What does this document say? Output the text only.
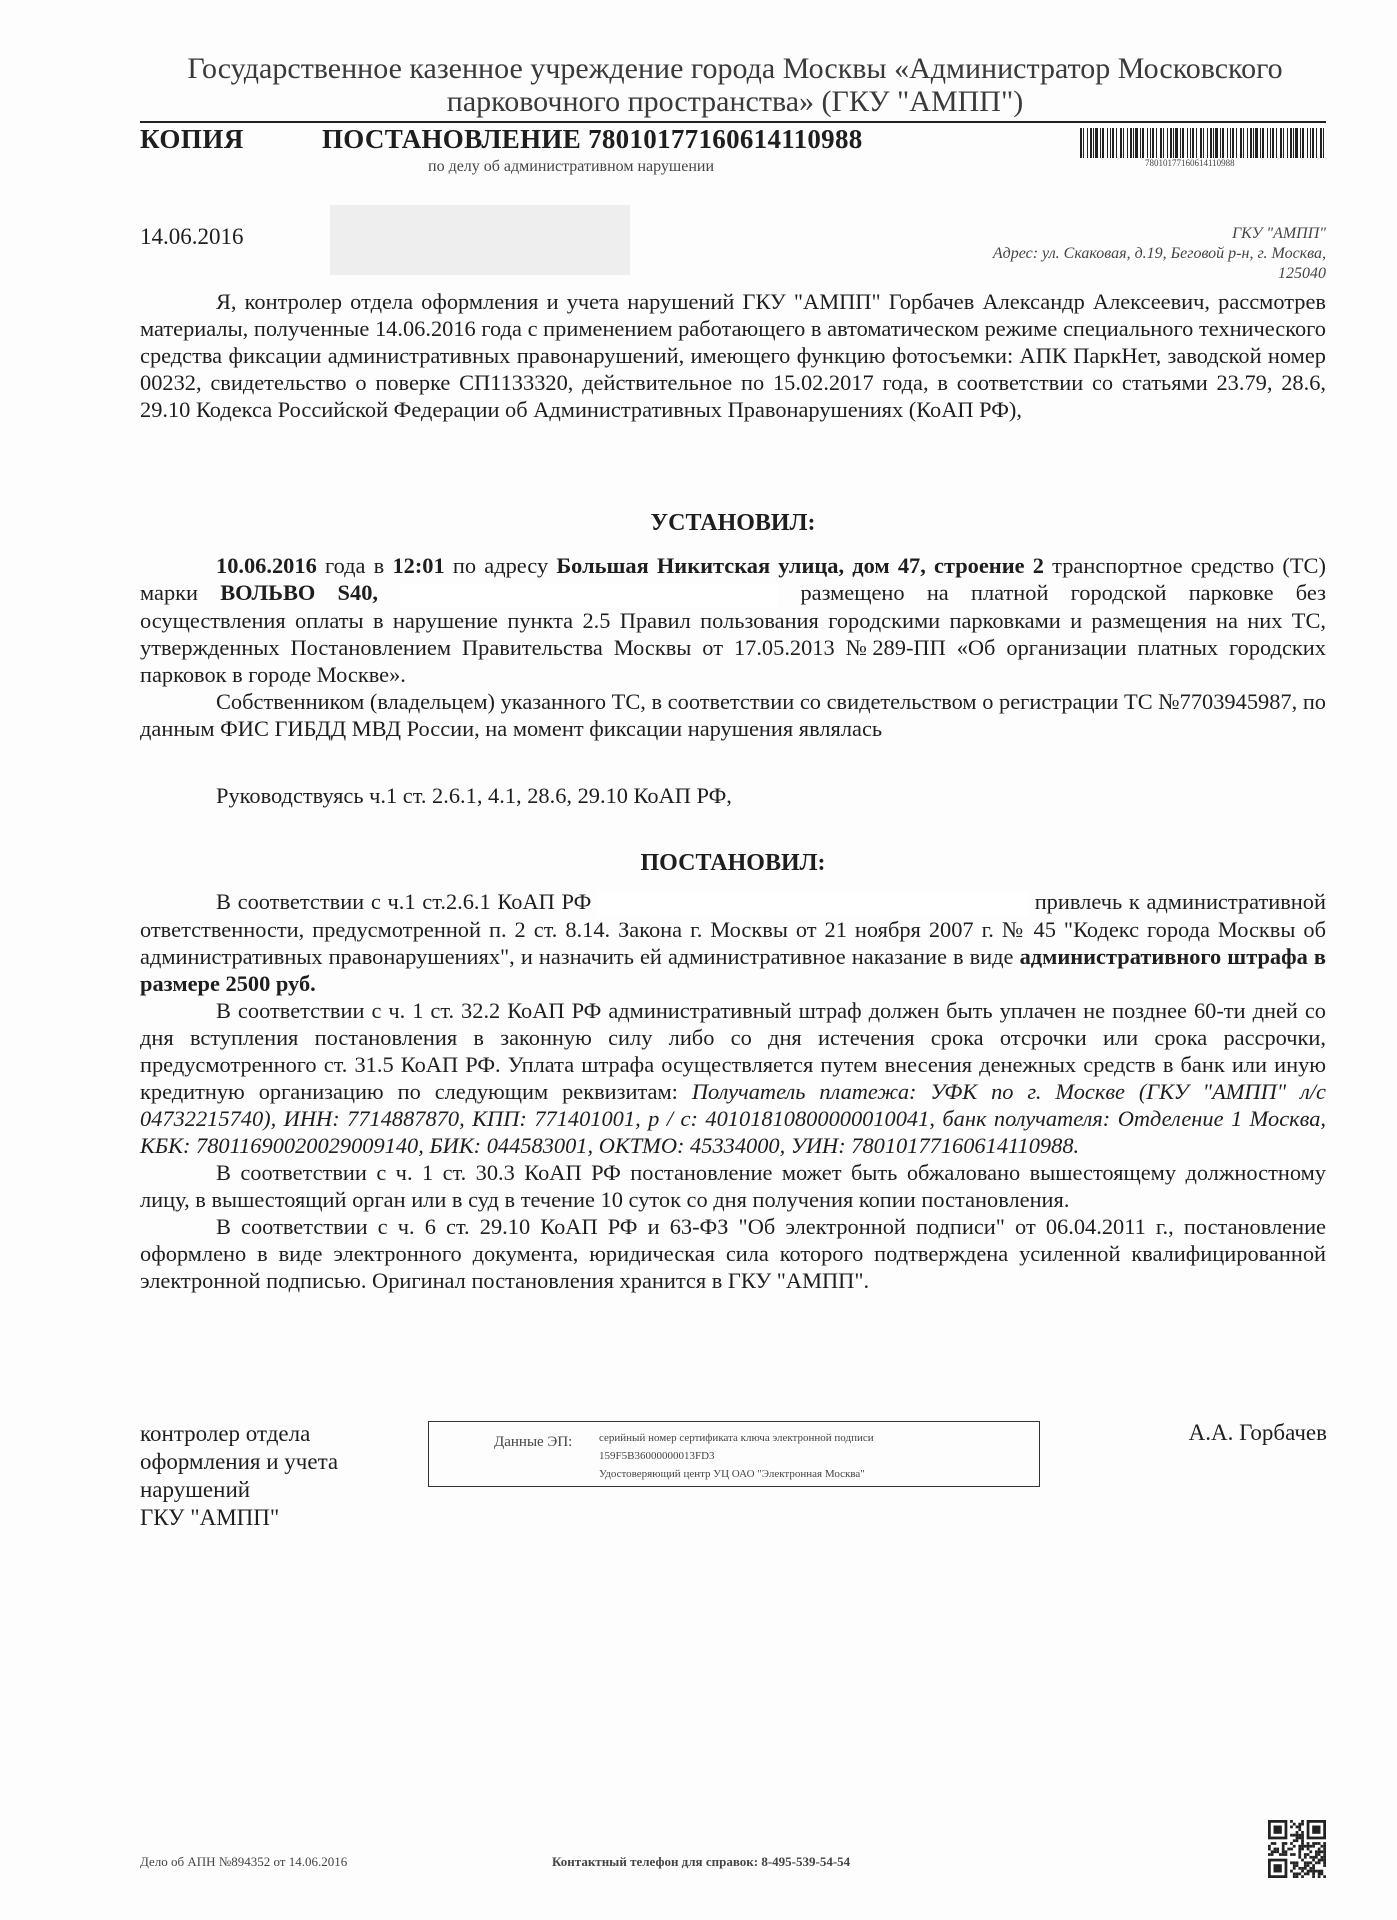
Государственное казенное учреждение города Москвы «Администратор Московского парковочного пространства» (ГКУ "АМПП")
КОПИЯ	ПОСТАНОВЛЕНИЕ 78010177160614110988
по делу об административном нарушении	78010177160614110988
14.06.2016	ГКУ "АМПП"
Адрес: ул. Скаковая, д.19, Беговой р-н, г. Москва,
125040

Я, контролер отдела оформления и учета нарушений ГКУ "АМПП" Горбачев Александр Алексеевич, рассмотрев материалы, полученные 14.06.2016 года с применением работающего в автоматическом режиме специального технического средства фиксации административных правонарушений, имеющего функцию фотосъемки: АПК ПаркНет, заводской номер 00232, свидетельство о поверке СП1133320, действительное по 15.02.2017 года, в соответствии со статьями 23.79, 28.6, 29.10 Кодекса Российской Федерации об Административных Правонарушениях (КоАП РФ),

УСТАНОВИЛ:

10.06.2016 года в 12:01 по адресу Большая Никитская улица, дом 47, строение 2 транспортное средство (ТС) марки ВОЛЬВО S40,	размещено на платной городской парковке без осуществления оплаты в нарушение пункта 2.5 Правил пользования городскими парковками и размещения на них ТС, утвержденных Постановлением Правительства Москвы от 17.05.2013 №289-ПП «Об организации платных городских парковок в городе Москве».

Собственником (владельцем) указанного ТС, в соответствии со свидетельством о регистрации ТС №7703945987, по данным ФИС ГИБДД МВД России, на момент фиксации нарушения являлась

Руководствуясь ч.1 ст. 2.6.1, 4.1, 28.6, 29.10 КоАП РФ,

ПОСТАНОВИЛ:

В соответствии с ч.1 ст.2.6.1 КоАП РФ	привлечь к административной ответственности, предусмотренной п. 2 ст. 8.14. Закона г. Москвы от 21 ноября 2007 г. № 45 "Кодекс города Москвы об административных правонарушениях", и назначить ей административное наказание в виде административного штрафа в размере 2500 руб.

В соответствии с ч. 1 ст. 32.2 КоАП РФ административный штраф должен быть уплачен не позднее 60-ти дней со дня вступления постановления в законную силу либо со дня истечения срока отсрочки или срока рассрочки, предусмотренного ст. 31.5 КоАП РФ. Уплата штрафа осуществляется путем внесения денежных средств в банк или иную кредитную организацию по следующим реквизитам: Получатель платежа: УФК по г. Москве (ГКУ "АМПП" л/с 04732215740), ИНН: 7714887870, КПП: 771401001, р / с: 40101810800000010041, банк получателя: Отделение 1 Москва, КБК: 78011690020029009140, БИК: 044583001, ОКТМО: 45334000, УИН: 78010177160614110988.

В соответствии с ч. 1 ст. 30.3 КоАП РФ постановление может быть обжаловано вышестоящему должностному лицу, в вышестоящий орган или в суд в течение 10 суток со дня получения копии постановления.

В соответствии с ч. 6 ст. 29.10 КоАП РФ и 63-ФЗ "Об электронной подписи" от 06.04.2011 г., постановление оформлено в виде электронного документа, юридическая сила которого подтверждена усиленной квалифицированной электронной подписью. Оригинал постановления хранится в ГКУ "АМПП".

контролер отдела
оформления и учета
нарушений
ГКУ "АМПП"
Данные ЭП: серийный номер сертификата ключа электронной подписи
159F5B36000000013FD3
Удостоверяющий центр УЦ ОАО "Электронная Москва"
А.А. Горбачев
Дело об АПН №894352 от 14.06.2016	Контактный телефон для справок: 8-495-539-54-54
